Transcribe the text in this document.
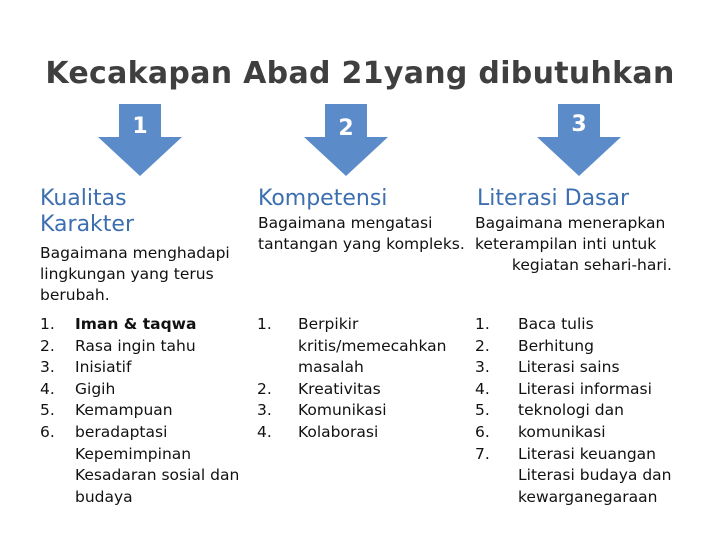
Kecakapan Abad 21yang dibutuhkan
1	2	3
Kualitas
Karakter
Bagaimana menghadapi
lingkungan yang terus
berubah.
1.
2.
3.
4.
5.
6.
Iman & taqwa
Rasa ingin tahu
Inisiatif
Gigih
Kemampuan
beradaptasi
Kepemimpinan
Kesadaran sosial dan
budaya
Kompetensi
Bagaimana mengatasi
tantangan yang kompleks.
1.

2.
3.
4.
Berpikir
kritis/memecahkan
masalah
Kreativitas
Komunikasi
Kolaborasi
Literasi Dasar
Bagaimana menerapkan
keterampilan inti untuk
kegiatan sehari-hari.
1.
2.
3.
4.
5.
6.
7.
Baca tulis
Berhitung
Literasi sains
Literasi informasi
teknologi dan
komunikasi
Literasi keuangan
Literasi budaya dan
kewarganegaraan
